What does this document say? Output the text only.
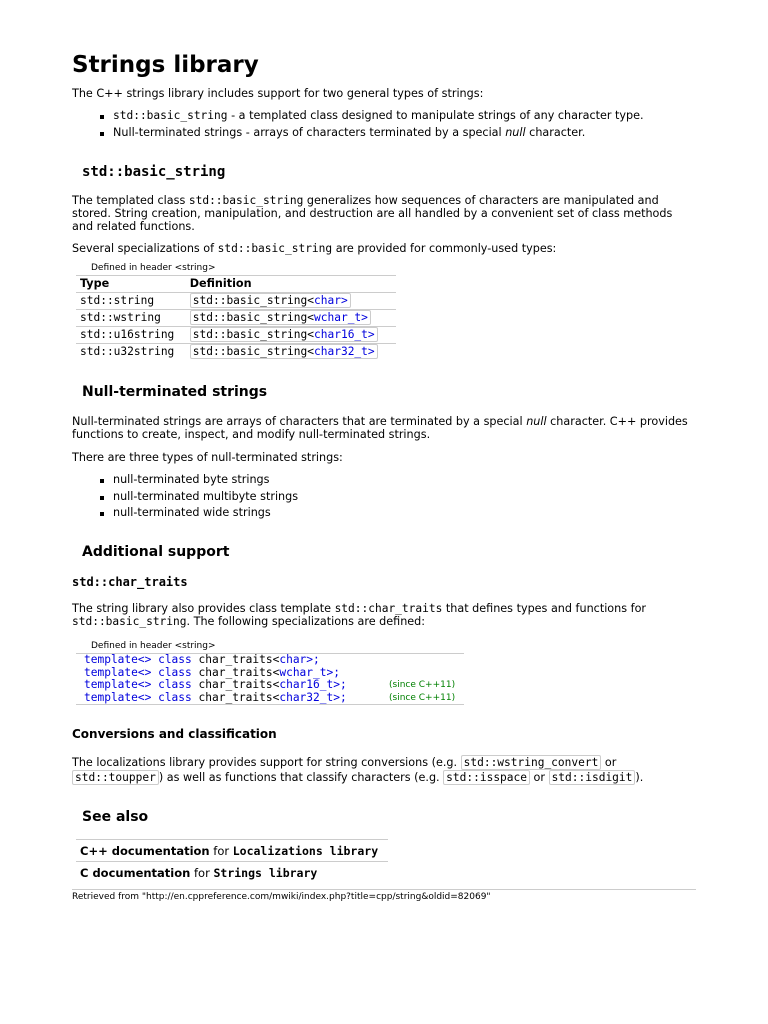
Strings library

The C++ strings library includes support for two general types of strings:

std::basic_string - a templated class designed to manipulate strings of any character type.
Null-terminated strings - arrays of characters terminated by a special null character.
std::basic_string

The templated class std::basic_string generalizes how sequences of characters are manipulated and stored. String creation, manipulation, and destruction are all handled by a convenient set of class methods and related functions.

Several specializations of std::basic_string are provided for commonly-used types:

Defined in header <string>
Type	Definition
std::string	std::basic_string<char>
std::wstring	std::basic_string<wchar_t>
std::u16string	std::basic_string<char16_t>
std::u32string	std::basic_string<char32_t>
Null-terminated strings

Null-terminated strings are arrays of characters that are terminated by a special null character. C++ provides functions to create, inspect, and modify null-terminated strings.

There are three types of null-terminated strings:

null-terminated byte strings
null-terminated multibyte strings
null-terminated wide strings
Additional support
std::char_traits

The string library also provides class template std::char_traits that defines types and functions for std::basic_string. The following specializations are defined:

Defined in header <string>
template<> class char_traits<char>;
template<> class char_traits<wchar_t>;
template<> class char_traits<char16_t>;	(since C++11)
template<> class char_traits<char32_t>;	(since C++11)
Conversions and classification

The localizations library provides support for string conversions (e.g. std::wstring_convert or
std::toupper ) as well as functions that classify characters (e.g. std::isspace or std::isdigit ).

See also
C++ documentation for Localizations library
C documentation for Strings library
Retrieved from "http://en.cppreference.com/mwiki/index.php?title=cpp/string&oldid=82069"
